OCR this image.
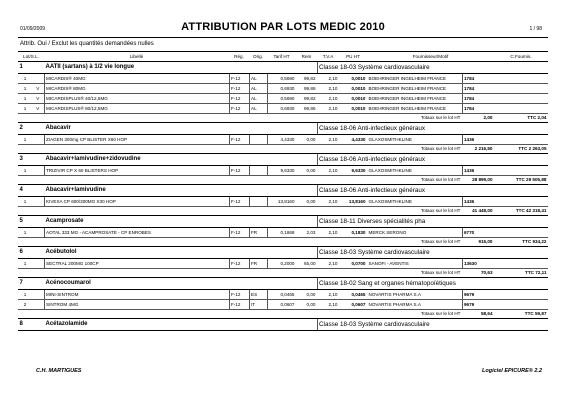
01/09/2009	ATTRIBUTION PAR LOTS MEDIC 2010	1 / 98
Attrib. Oui / Exclut les quantités demandées nulles
Lot/S.L.		Libellé	Rég.	Orig.	Tarif HT	Rem	T.V.A	PU HT	Fournisseur/Motif		C.Fournis.
1		AATII (sartans) à 1/2 vie longue					Classe 18-03 Système cardiovasculaire				
1		MICARDIS® 40MG	F-12	AL	0,5690	99,82	2,10	0,0010	BOEHRINGER INGELHEIM FRANCE	1784	
1	V	MICARDIS® 80MG	F-12	AL	0,6930	99,86	2,10	0,0010	BOEHRINGER INGELHEIM FRANCE	1784	
1	V	MICARDISPLUS® 40/12,5MG	F-12	AL	0,5690	99,82	2,10	0,0010	BOEHRINGER INGELHEIM FRANCE	1784	
1	V	MICARDISPLUS® 80/12,5MG	F-12	AL	0,6930	99,86	2,10	0,0010	BOEHRINGER INGELHEIM FRANCE	1784	
								Totaux sur le lot HT		2,00	TTC 2,04
2		Abacavir					Classe 18-06 Anti-infectieux généraux				
1		ZIAGEN 300mg CP BLISTER X60 HOP	F-12		4,4330	0,00	2,10	4,4330	GLAXOSMITHKLINE	1436	
								Totaux sur le lot HT		2 216,50	TTC 2 263,05
3		Abacavir+lamivudine+zidovudine					Classe 18-06 Anti-infectieux généraux				
1		TRIZIVIR CP X 60 BLISTERS HOP	F-12		9,6330	0,00	2,10	9,6330	GLAXOSMITHKLINE	1436	
								Totaux sur le lot HT		28 899,00	TTC 29 505,88
4		Abacavir+lamivudine					Classe 18-06 Anti-infectieux généraux				
1		KIVEXA CP 600/300MG X30 HOP	F-12		13,8160	0,00	2,10	13,8160	GLAXOSMITHKLINE	1436	
								Totaux sur le lot HT		41 448,00	TTC 42 318,41
5		Acamprosate					Classe 18-11 Diverses spécialités pha				
1		AOTAL 333 MG - ACAMPROSATE - CP ENROBES	F-12	FR	0,1868	2,03	2,10	0,1830	MERCK SERONO	6770	
								Totaux sur le lot HT		915,00	TTC 934,22
6		Acébutolol					Classe 18-03 Système cardiovasculaire				
1		SECTRAL 200MG 100CP	F-12	FR	0,2000	65,00	2,10	0,0700	SANOFI - AVENTIS	13630	
								Totaux sur le lot HT		70,63	TTC 72,11
7		Acénocoumarol					Classe 18-02 Sang et organes hématopoïétiques				
1		MINI-SINTROM	F-12	ES	0,0465	0,00	2,10	0,0465	NOVARTIS PHARMA S.A	9679	
2		SINTROM 4MG	F-12	IT	0,0607	0,00	2,10	0,0607	NOVARTIS PHARMA S.A	9679	
								Totaux sur le lot HT		58,64	TTC 59,87
8		Acétazolamide					Classe 18-03 Système cardiovasculaire				
C.H. MARTIGUES	Logiciel EPICURE® 2.2
